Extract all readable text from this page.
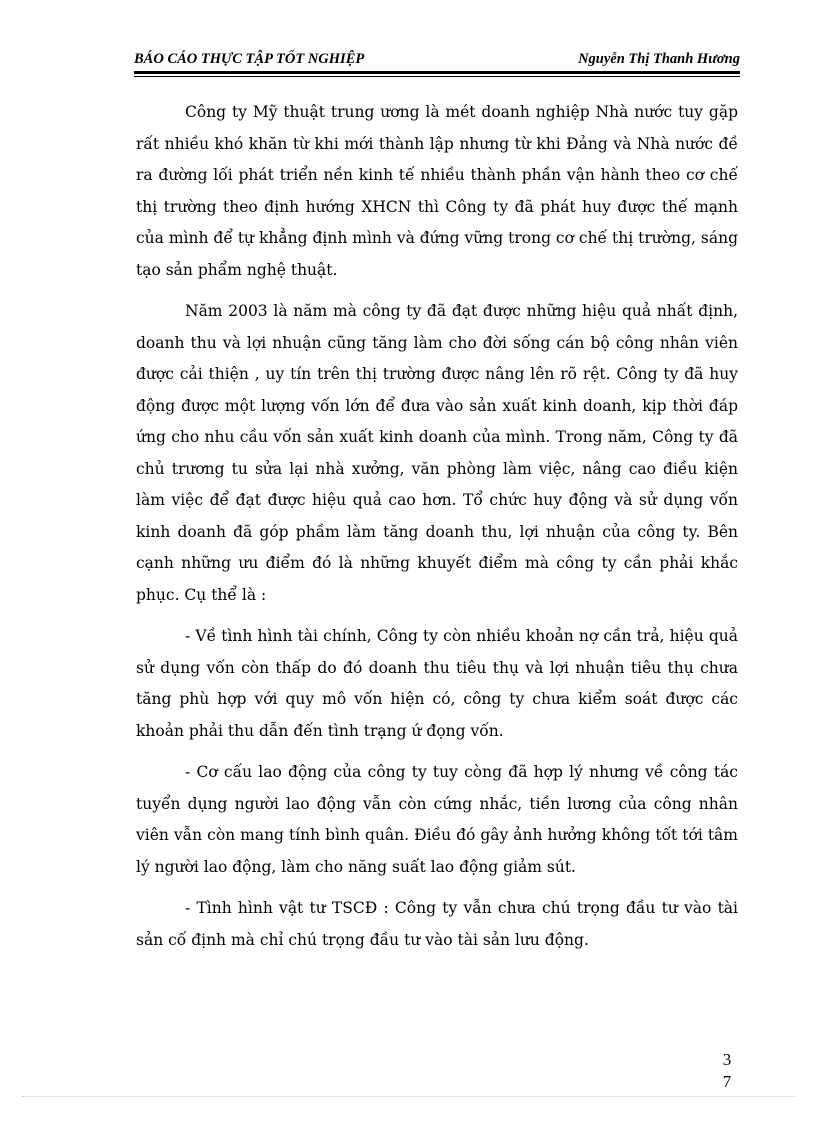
BÁO CÁO THỰC TẬP TỐT NGHIỆP	Nguyễn Thị Thanh Hương

Công ty Mỹ thuật trung ương là mét doanh nghiệp Nhà nước tuy gặp rất nhiều khó khăn từ khi mới thành lập nhưng từ khi Đảng và Nhà nước đề ra đường lối phát triển nền kinh tế nhiều thành phần vận hành theo cơ chế thị trường theo định hướng XHCN thì Công ty đã phát huy được thế mạnh của mình để tự khẳng định mình và đứng vững trong cơ chế thị trường, sáng tạo sản phẩm nghệ thuật.

Năm 2003 là năm mà công ty đã đạt được những hiệu quả nhất định, doanh thu và lợi nhuận cũng tăng làm cho đời sống cán bộ công nhân viên được cải thiện , uy tín trên thị trường được nâng lên rõ rệt. Công ty đã huy động được một lượng vốn lớn để đưa vào sản xuất kinh doanh, kịp thời đáp ứng cho nhu cầu vốn sản xuất kinh doanh của mình. Trong năm, Công ty đã chủ trương tu sửa lại nhà xưởng, văn phòng làm việc, nâng cao điều kiện làm việc để đạt được hiệu quả cao hơn. Tổ chức huy động và sử dụng vốn kinh doanh đã góp phầm làm tăng doanh thu, lợi nhuận của công ty. Bên cạnh những ưu điểm đó là những khuyết điểm mà công ty cần phải khắc phục. Cụ thể là :

- Về tình hình tài chính, Công ty còn nhiều khoản nợ cần trả, hiệu quả sử dụng vốn còn thấp do đó doanh thu tiêu thụ và lợi nhuận tiêu thụ chưa tăng phù hợp với quy mô vốn hiện có, công ty chưa kiểm soát được các khoản phải thu dẫn đến tình trạng ứ đọng vốn.

- Cơ cấu lao động của công ty tuy còng đã hợp lý nhưng về công tác tuyển dụng người lao động vẫn còn cứng nhắc, tiền lương của công nhân viên vẫn còn mang tính bình quân. Điều đó gây ảnh hưởng không tốt tới tâm lý người lao động, làm cho năng suất lao động giảm sút.

- Tình hình vật tư TSCĐ : Công ty vẫn chưa chú trọng đầu tư vào tài sản cố định mà chỉ chú trọng đầu tư vào tài sản lưu động.

3
7
